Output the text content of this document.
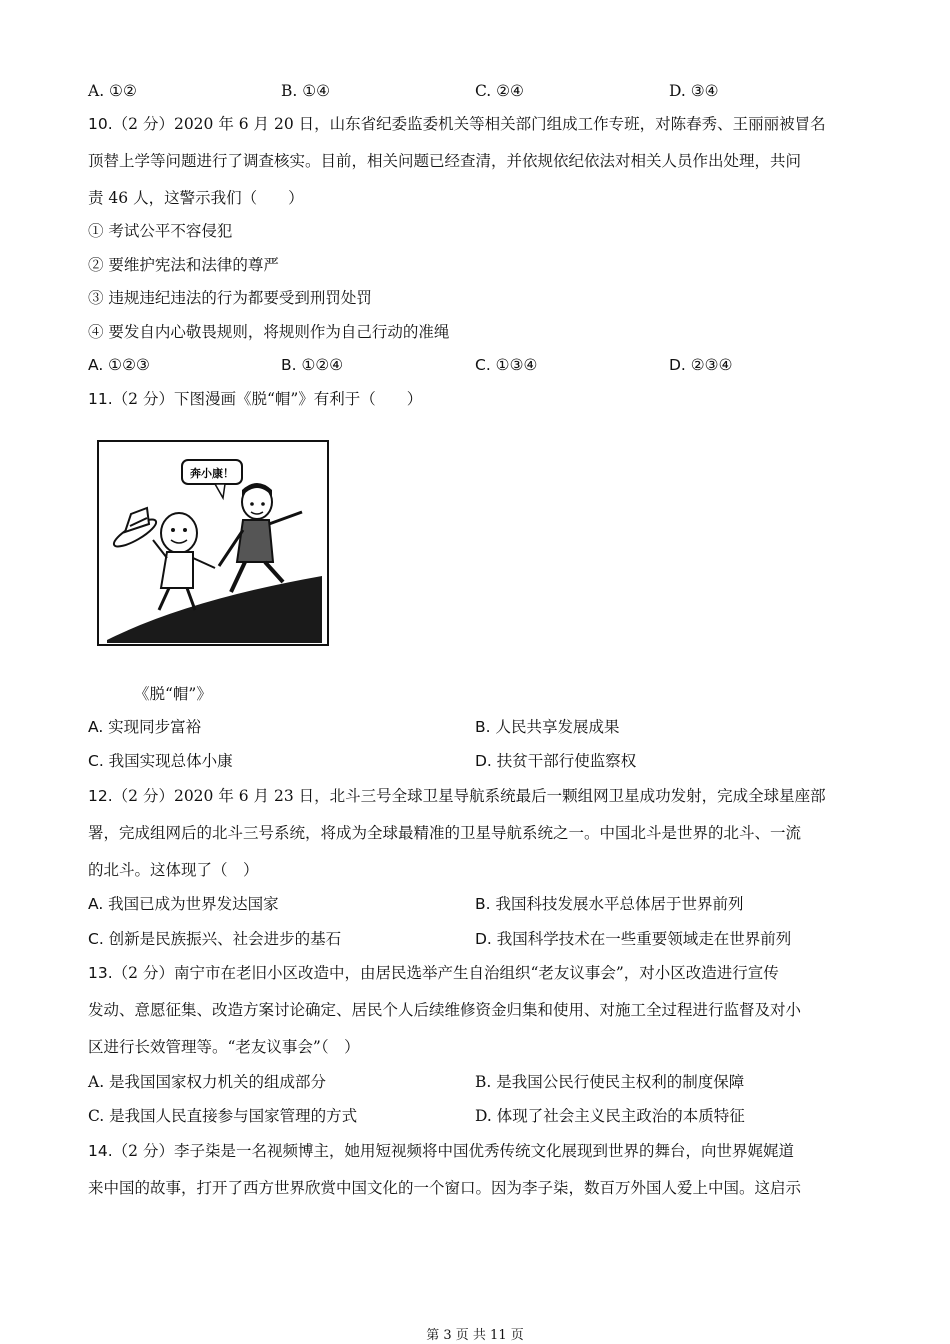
A. ①②	B. ①④	C. ②④	D. ③④
10.（2 分）2020 年 6 月 20 日，山东省纪委监委机关等相关部门组成工作专班，对陈春秀、王丽丽被冒名
顶替上学等问题进行了调查核实。目前，相关问题已经查清，并依规依纪依法对相关人员作出处理，共问
责 46 人，这警示我们（　　）
① 考试公平不容侵犯
② 要维护宪法和法律的尊严
③ 违规违纪违法的行为都要受到刑罚处罚
④ 要发自内心敬畏规则，将规则作为自己行动的准绳
A. ①②③	B. ①②④	C. ①③④	D. ②③④
11.（2 分）下图漫画《脱“帽”》有利于（　　）
奔小康！
《脱“帽”》
A. 实现同步富裕	B. 人民共享发展成果
C. 我国实现总体小康	D. 扶贫干部行使监察权
12.（2 分）2020 年 6 月 23 日，北斗三号全球卫星导航系统最后一颗组网卫星成功发射，完成全球星座部
署，完成组网后的北斗三号系统，将成为全球最精准的卫星导航系统之一。中国北斗是世界的北斗、一流
的北斗。这体现了（　）
A. 我国已成为世界发达国家	B. 我国科技发展水平总体居于世界前列
C. 创新是民族振兴、社会进步的基石	D. 我国科学技术在一些重要领域走在世界前列
13.（2 分）南宁市在老旧小区改造中，由居民选举产生自治组织“老友议事会”，对小区改造进行宣传
发动、意愿征集、改造方案讨论确定、居民个人后续维修资金归集和使用、对施工全过程进行监督及对小
区进行长效管理等。“老友议事会”（　）
A. 是我国国家权力机关的组成部分	B. 是我国公民行使民主权利的制度保障
C. 是我国人民直接参与国家管理的方式	D. 体现了社会主义民主政治的本质特征
14.（2 分）李子柒是一名视频博主，她用短视频将中国优秀传统文化展现到世界的舞台，向世界娓娓道
来中国的故事，打开了西方世界欣赏中国文化的一个窗口。因为李子柒，数百万外国人爱上中国。这启示
第 3 页 共 11 页
